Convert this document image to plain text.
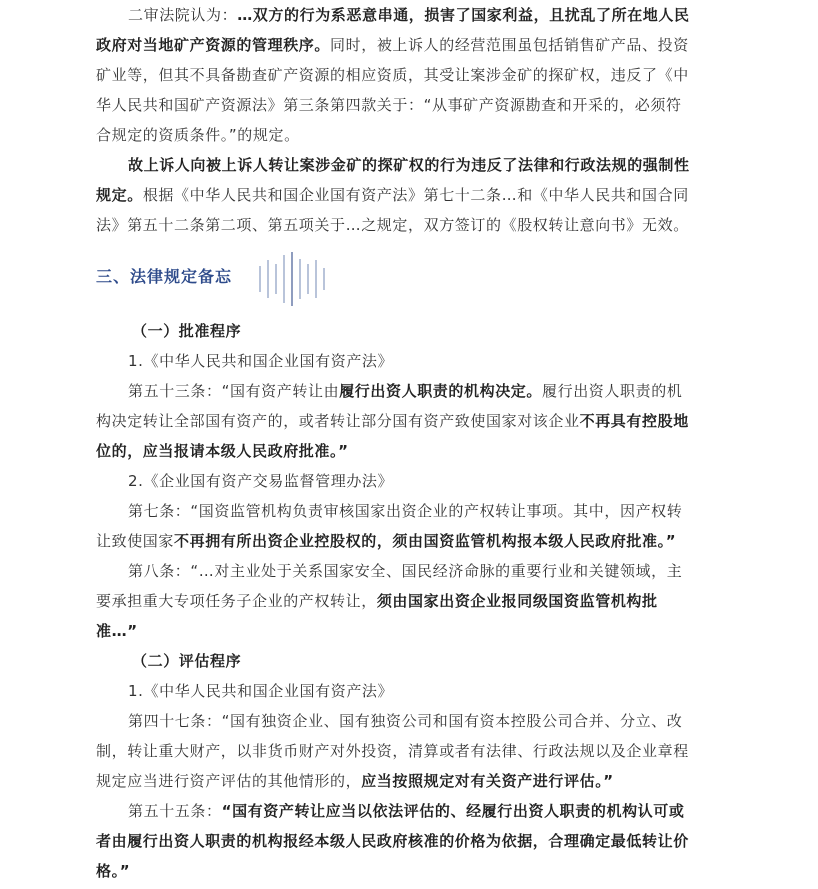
二审法院认为：…双方的行为系恶意串通，损害了国家利益，且扰乱了所在地人民
政府对当地矿产资源的管理秩序。同时，被上诉人的经营范围虽包括销售矿产品、投资
矿业等，但其不具备勘查矿产资源的相应资质，其受让案涉金矿的探矿权，违反了《中
华人民共和国矿产资源法》第三条第四款关于：“从事矿产资源勘查和开采的，必须符
合规定的资质条件。”的规定。
故上诉人向被上诉人转让案涉金矿的探矿权的行为违反了法律和行政法规的强制性
规定。根据《中华人民共和国企业国有资产法》第七十二条…和《中华人民共和国合同
法》第五十二条第二项、第五项关于…之规定，双方签订的《股权转让意向书》无效。
三、法律规定备忘
（一）批准程序
1.《中华人民共和国企业国有资产法》
第五十三条：“国有资产转让由履行出资人职责的机构决定。履行出资人职责的机
构决定转让全部国有资产的，或者转让部分国有资产致使国家对该企业不再具有控股地
位的，应当报请本级人民政府批准。”
2.《企业国有资产交易监督管理办法》
第七条：“国资监管机构负责审核国家出资企业的产权转让事项。其中，因产权转
让致使国家不再拥有所出资企业控股权的，须由国资监管机构报本级人民政府批准。”
第八条：“…对主业处于关系国家安全、国民经济命脉的重要行业和关键领域，主
要承担重大专项任务子企业的产权转让，须由国家出资企业报同级国资监管机构批
准…”
（二）评估程序
1.《中华人民共和国企业国有资产法》
第四十七条：“国有独资企业、国有独资公司和国有资本控股公司合并、分立、改
制，转让重大财产，以非货币财产对外投资，清算或者有法律、行政法规以及企业章程
规定应当进行资产评估的其他情形的，应当按照规定对有关资产进行评估。”
第五十五条：“国有资产转让应当以依法评估的、经履行出资人职责的机构认可或
者由履行出资人职责的机构报经本级人民政府核准的价格为依据，合理确定最低转让价
格。”
